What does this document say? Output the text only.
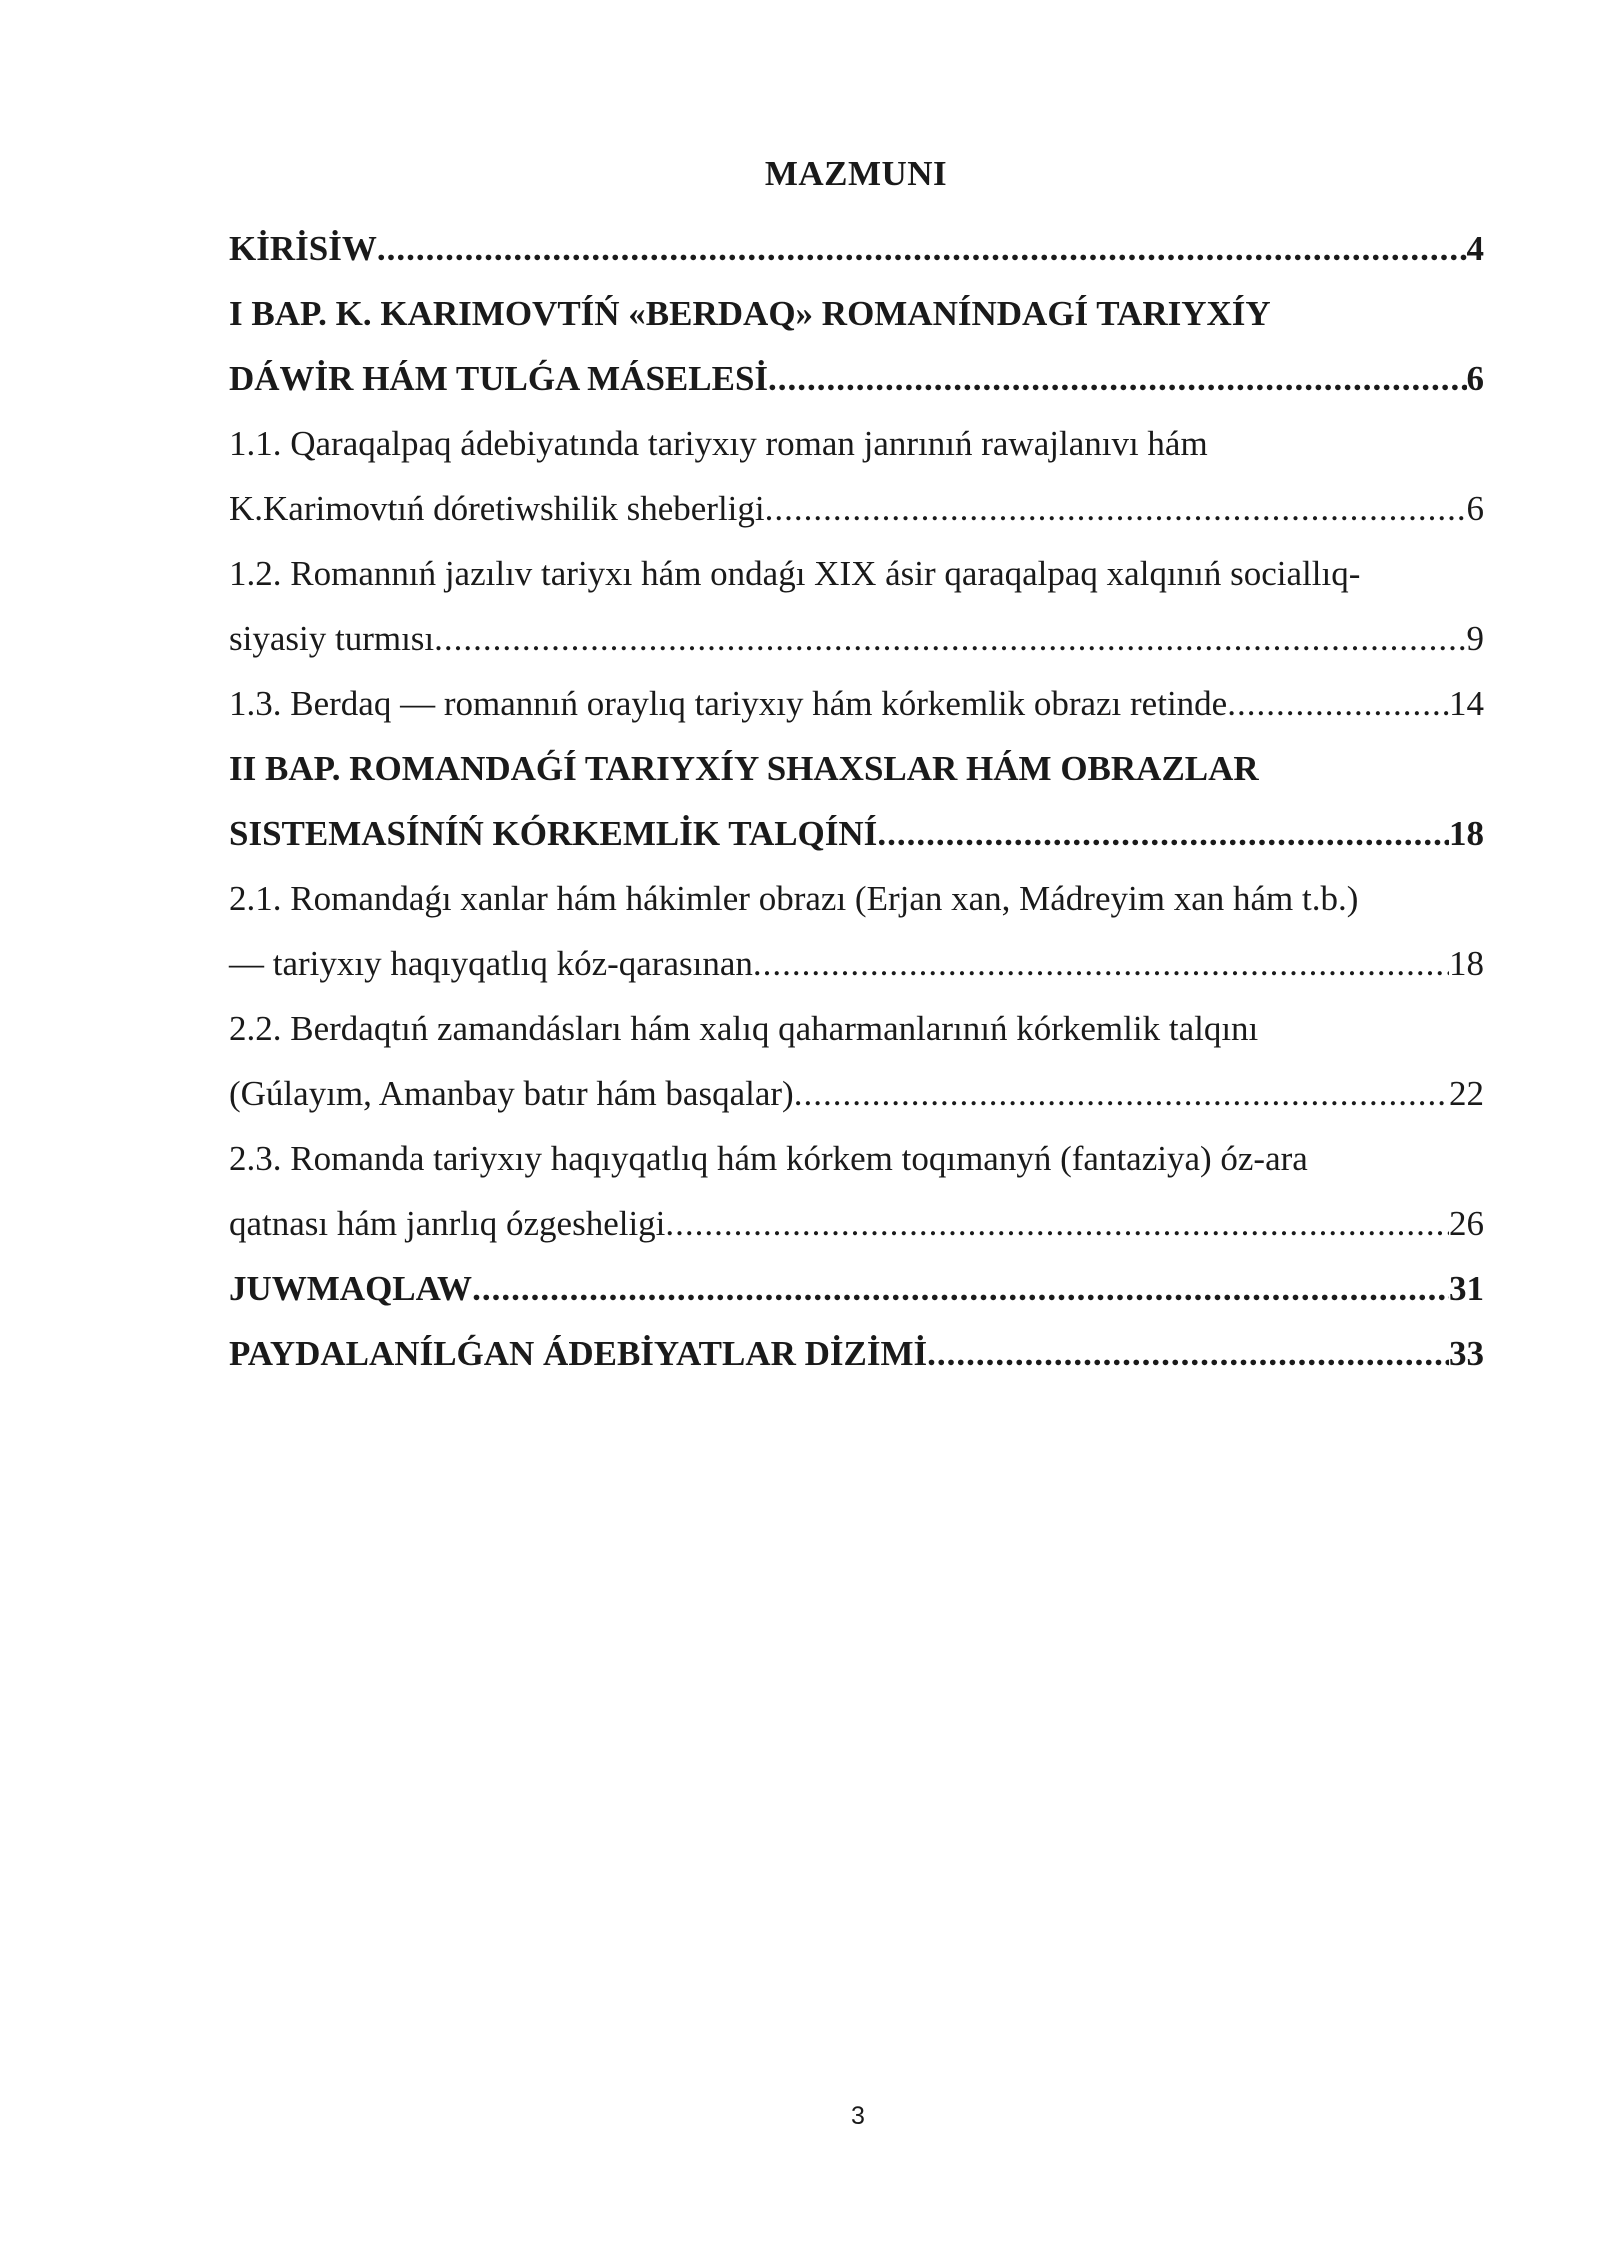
MAZMUNI
KİRİSİW .....	4
I BAP. K. KARIMOVTÍŃ «BERDAQ» ROMANÍNDAGÍ TARIYXÍY
DÁWİR HÁM TULǴA MÁSELESİ .....	6
1.1. Qaraqalpaq ádebiyatında tariyxıy roman janrınıń rawajlanıvı hám
K.Karimovtıń dóretiwshilik sheberligi .....	6
1.2. Romannıń jazılıv tariyxı hám ondaǵı XIX ásir qaraqalpaq xalqınıń sociallıq-
siyasiy turmısı .....	9
1.3. Berdaq — romannıń oraylıq tariyxıy hám kórkemlik obrazı retinde .....	14
II BAP. ROMANDAǴÍ TARIYXÍY SHAXSLAR HÁM OBRAZLAR
SISTEMASÍNÍŃ KÓRKEMLİK TALQÍNÍ .....	18
2.1. Romandaǵı xanlar hám hákimler obrazı (Erjan xan, Mádreyim xan hám t.b.)
— tariyxıy haqıyqatlıq kóz-qarasınan .....	18
2.2. Berdaqtıń zamandásları hám xalıq qaharmanlarınıń kórkemlik talqını
(Gúlayım, Amanbay batır hám basqalar) .....	22
2.3. Romanda tariyxıy haqıyqatlıq hám kórkem toqımanyń (fantaziya) óz-ara
qatnası hám janrlıq ózgesheligi .....	26
JUWMAQLAW .....	31
PAYDALANÍLǴAN ÁDEBİYATLAR DİZİMİ .....	33
3
